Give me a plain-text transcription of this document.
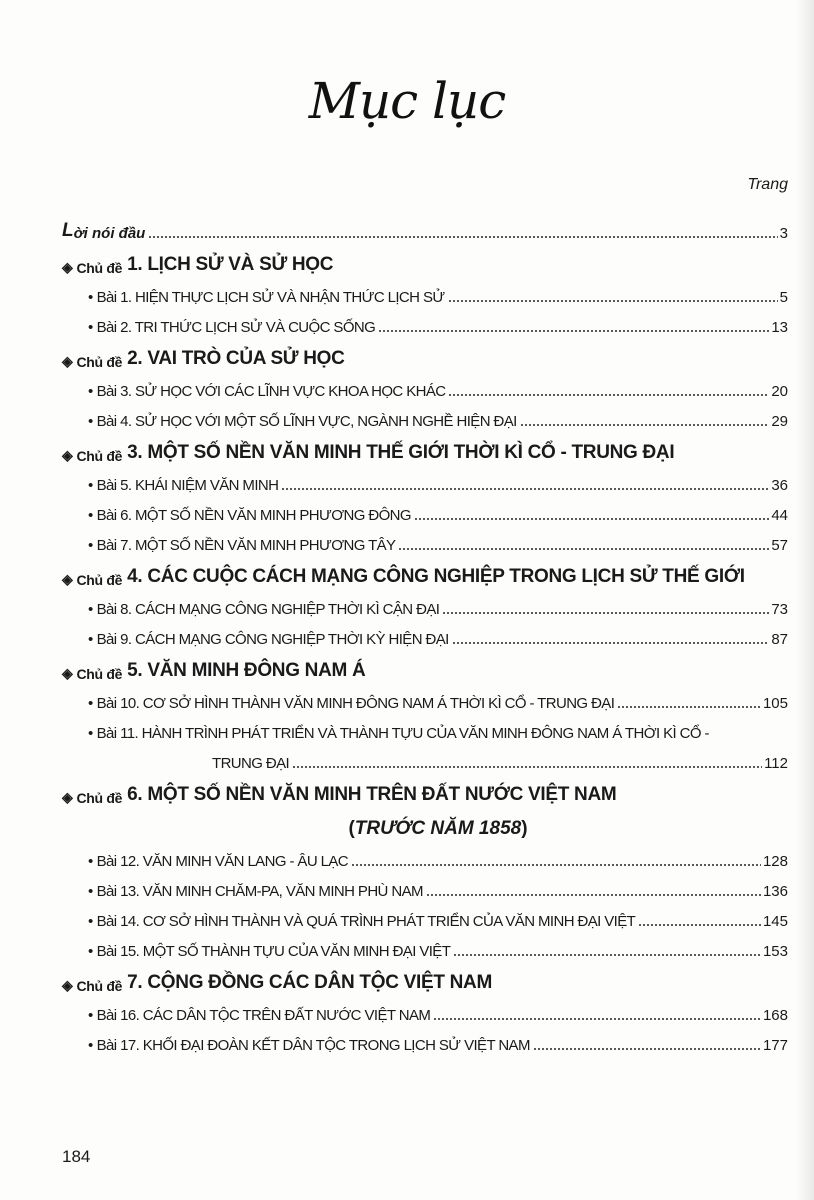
Mục lục
Trang
L ời nói đầu	3
◈ Chủ đề 1. LỊCH SỬ VÀ SỬ HỌC
• Bài 1. HIỆN THỰC LỊCH SỬ VÀ NHẬN THỨC LỊCH SỬ	5
• Bài 2. TRI THỨC LỊCH SỬ VÀ CUỘC SỐNG	13
◈ Chủ đề 2. VAI TRÒ CỦA SỬ HỌC
• Bài 3. SỬ HỌC VỚI CÁC LĨNH VỰC KHOA HỌC KHÁC	20
• Bài 4. SỬ HỌC VỚI MỘT SỐ LĨNH VỰC, NGÀNH NGHỀ HIỆN ĐẠI	29
◈ Chủ đề 3. MỘT SỐ NỀN VĂN MINH THẾ GIỚI THỜI KÌ CỔ - TRUNG ĐẠI
• Bài 5. KHÁI NIỆM VĂN MINH	36
• Bài 6. MỘT SỐ NỀN VĂN MINH PHƯƠNG ĐÔNG	44
• Bài 7. MỘT SỐ NỀN VĂN MINH PHƯƠNG TÂY	57
◈ Chủ đề 4. CÁC CUỘC CÁCH MẠNG CÔNG NGHIỆP TRONG LỊCH SỬ THẾ GIỚI
• Bài 8. CÁCH MẠNG CÔNG NGHIỆP THỜI KÌ CẬN ĐẠI	73
• Bài 9. CÁCH MẠNG CÔNG NGHIỆP THỜI KỲ HIỆN ĐẠI	87
◈ Chủ đề 5. VĂN MINH ĐÔNG NAM Á
• Bài 10. CƠ SỞ HÌNH THÀNH VĂN MINH ĐÔNG NAM Á THỜI KÌ CỔ - TRUNG ĐẠI	105
• Bài 11. HÀNH TRÌNH PHÁT TRIỂN VÀ THÀNH TỰU CỦA VĂN MINH ĐÔNG NAM Á THỜI KÌ CỔ -
TRUNG ĐẠI	112
◈ Chủ đề 6. MỘT SỐ NỀN VĂN MINH TRÊN ĐẤT NƯỚC VIỆT NAM
( TRƯỚC NĂM 1858 )
• Bài 12. VĂN MINH VĂN LANG - ÂU LẠC	128
• Bài 13. VĂN MINH CHĂM-PA, VĂN MINH PHÙ NAM	136
• Bài 14. CƠ SỞ HÌNH THÀNH VÀ QUÁ TRÌNH PHÁT TRIỂN CỦA VĂN MINH ĐẠI VIỆT	145
• Bài 15. MỘT SỐ THÀNH TỰU CỦA VĂN MINH ĐẠI VIỆT	153
◈ Chủ đề 7. CỘNG ĐỒNG CÁC DÂN TỘC VIỆT NAM
• Bài 16. CÁC DÂN TỘC TRÊN ĐẤT NƯỚC VIỆT NAM	168
• Bài 17. KHỐI ĐẠI ĐOÀN KẾT DÂN TỘC TRONG LỊCH SỬ VIỆT NAM	177
184
